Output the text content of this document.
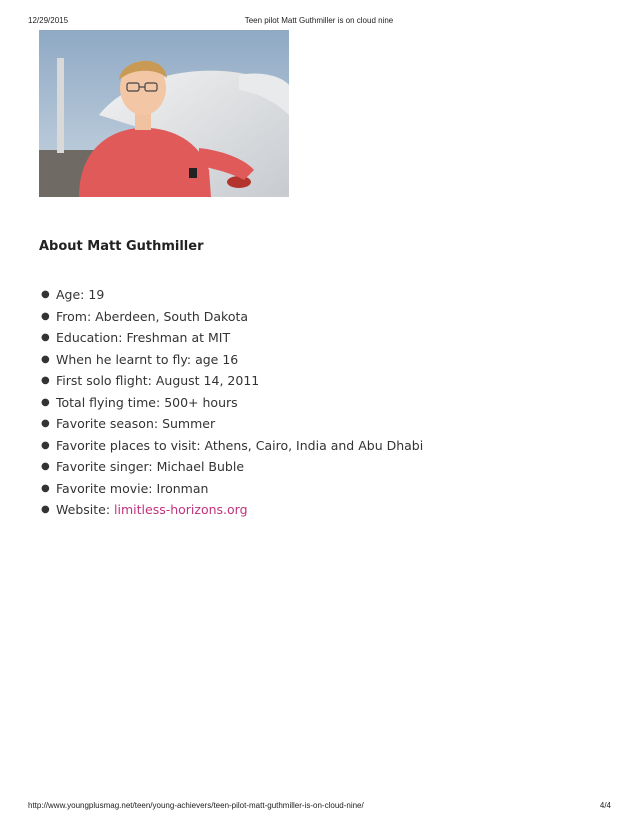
12/29/2015	Teen pilot Matt Guthmiller is on cloud nine
About Matt Guthmiller
● Age: 19
● From: Aberdeen, South Dakota
● Education: Freshman at MIT
● When he learnt to fly: age 16
● First solo flight: August 14, 2011
● Total flying time: 500+ hours
● Favorite season: Summer
● Favorite places to visit: Athens, Cairo, India and Abu Dhabi
● Favorite singer: Michael Buble
● Favorite movie: Ironman
● Website: limitless-horizons.org
http://www.youngplusmag.net/teen/young-achievers/teen-pilot-matt-guthmiller-is-on-cloud-nine/	4/4
